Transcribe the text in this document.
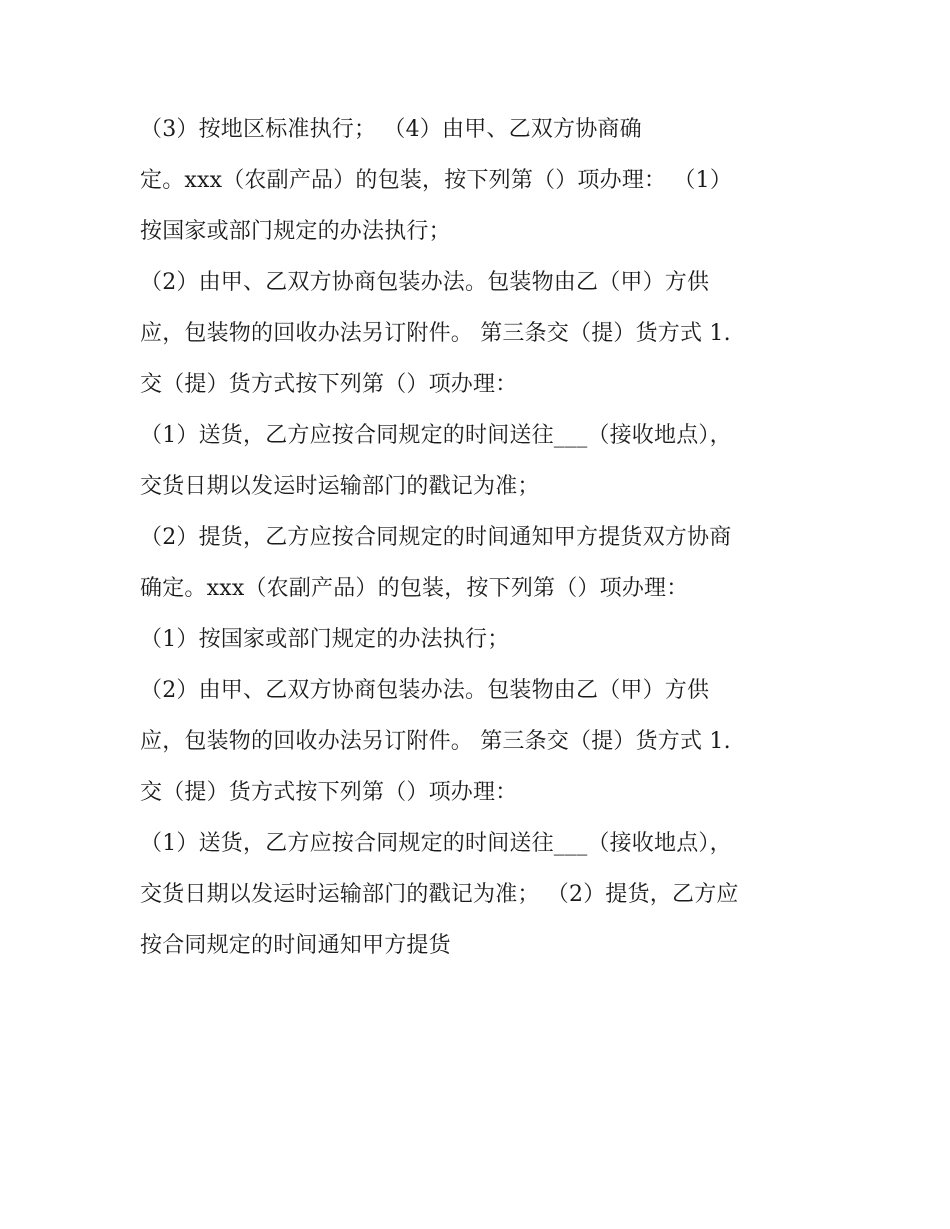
（3）按地区标准执行； （4）由甲、乙双方协商确
定。xxx（农副产品）的包装，按下列第（）项办理： （1）
按国家或部门规定的办法执行；
（2）由甲、乙双方协商包装办法。包装物由乙（甲）方供
应，包装物的回收办法另订附件。 第三条交（提）货方式 1.
交（提）货方式按下列第（）项办理：
（1）送货，乙方应按合同规定的时间送往___（接收地点），
交货日期以发运时运输部门的戳记为准；
（2）提货，乙方应按合同规定的时间通知甲方提货双方协商
确定。xxx（农副产品）的包装，按下列第（）项办理：
（1）按国家或部门规定的办法执行；
（2）由甲、乙双方协商包装办法。包装物由乙（甲）方供
应，包装物的回收办法另订附件。 第三条交（提）货方式 1.
交（提）货方式按下列第（）项办理：
（1）送货，乙方应按合同规定的时间送往___（接收地点），
交货日期以发运时运输部门的戳记为准； （2）提货，乙方应
按合同规定的时间通知甲方提货
